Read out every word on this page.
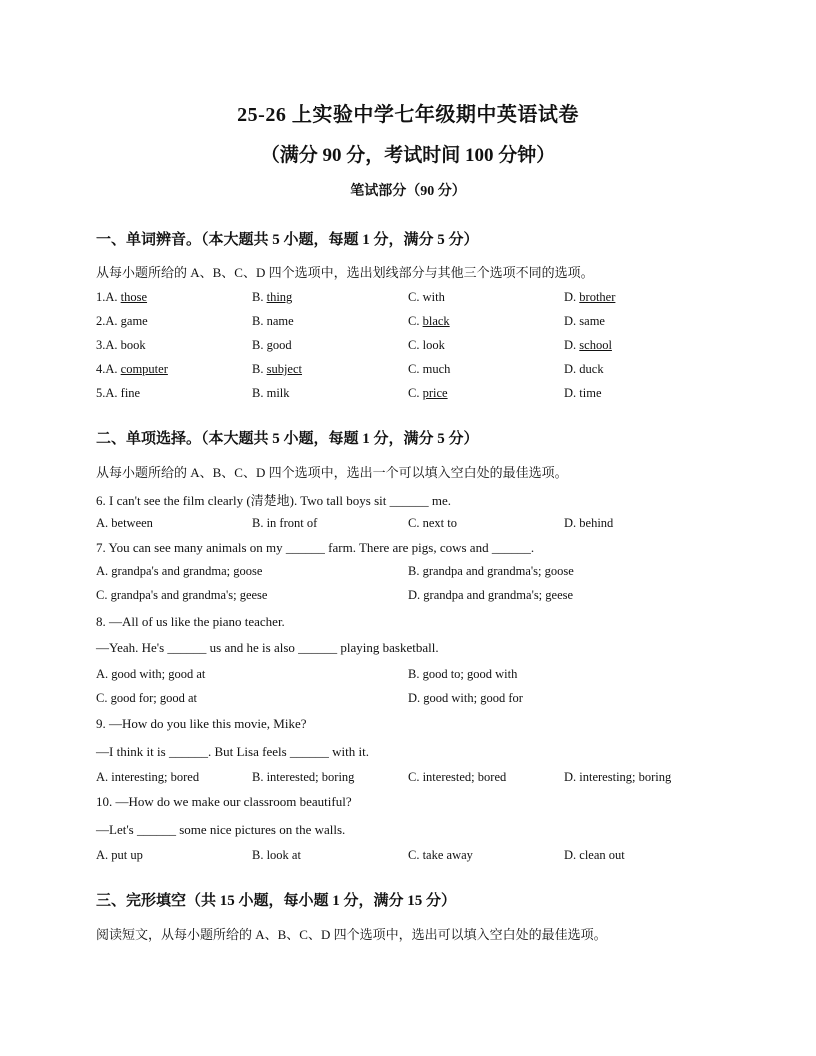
25-26 上实验中学七年级期中英语试卷
（满分 90 分，考试时间 100 分钟）
笔试部分（90 分）
一、单词辨音。（本大题共 5 小题，每题 1 分，满分 5 分）
从每小题所给的 A、B、C、D 四个选项中，选出划线部分与其他三个选项不同的选项。
1.A. those	B. thing	C. with	D. brother
2.A. game	B. name	C. black	D. same
3.A. book	B. good	C. look	D. school
4.A. computer	B. subject	C. much	D. duck
5.A. fine	B. milk	C. price	D. time
二、单项选择。（本大题共 5 小题，每题 1 分，满分 5 分）
从每小题所给的 A、B、C、D 四个选项中，选出一个可以填入空白处的最佳选项。
6. I can't see the film clearly (清楚地). Two tall boys sit ______ me.
A. between	B. in front of	C. next to	D. behind
7. You can see many animals on my ______ farm. There are pigs, cows and ______.
A. grandpa's and grandma; goose	B. grandpa and grandma's; goose
C. grandpa's and grandma's; geese	D. grandpa and grandma's; geese
8. —All of us like the piano teacher.
—Yeah. He's ______ us and he is also ______ playing basketball.
A. good with; good at	B. good to; good with
C. good for; good at	D. good with; good for
9. —How do you like this movie, Mike?
—I think it is ______. But Lisa feels ______ with it.
A. interesting; bored	B. interested; boring	C. interested; bored	D. interesting; boring
10. —How do we make our classroom beautiful?
—Let's ______ some nice pictures on the walls.
A. put up	B. look at	C. take away	D. clean out
三、完形填空（共 15 小题，每小题 1 分，满分 15 分）
阅读短文，从每小题所给的 A、B、C、D 四个选项中，选出可以填入空白处的最佳选项。
